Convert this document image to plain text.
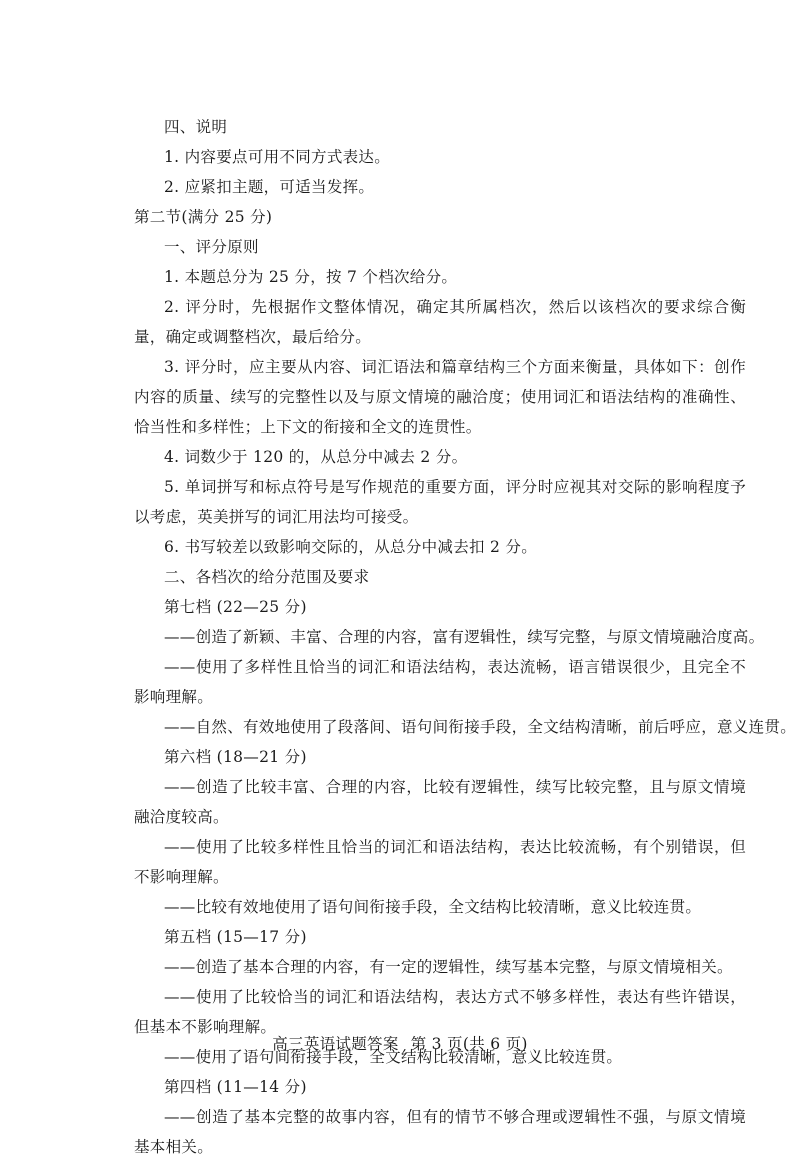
四、说明
1. 内容要点可用不同方式表达。
2. 应紧扣主题，可适当发挥。
第二节(满分 25 分)
一、评分原则
1. 本题总分为 25 分，按 7 个档次给分。
2. 评分时，先根据作文整体情况，确定其所属档次，然后以该档次的要求综合衡量，确定或调整档次，最后给分。
3. 评分时，应主要从内容、词汇语法和篇章结构三个方面来衡量，具体如下：创作内容的质量、续写的完整性以及与原文情境的融洽度；使用词汇和语法结构的准确性、恰当性和多样性；上下文的衔接和全文的连贯性。
4. 词数少于 120 的，从总分中减去 2 分。
5. 单词拼写和标点符号是写作规范的重要方面，评分时应视其对交际的影响程度予以考虑，英美拼写的词汇用法均可接受。
6. 书写较差以致影响交际的，从总分中减去扣 2 分。
二、各档次的给分范围及要求
第七档 (22—25 分)
——创造了新颖、丰富、合理的内容，富有逻辑性，续写完整，与原文情境融洽度高。
——使用了多样性且恰当的词汇和语法结构，表达流畅，语言错误很少，且完全不影响理解。
——自然、有效地使用了段落间、语句间衔接手段，全文结构清晰，前后呼应，意义连贯。
第六档 (18—21 分)
——创造了比较丰富、合理的内容，比较有逻辑性，续写比较完整，且与原文情境融洽度较高。
——使用了比较多样性且恰当的词汇和语法结构，表达比较流畅，有个别错误，但不影响理解。
——比较有效地使用了语句间衔接手段，全文结构比较清晰，意义比较连贯。
第五档 (15—17 分)
——创造了基本合理的内容，有一定的逻辑性，续写基本完整，与原文情境相关。
——使用了比较恰当的词汇和语法结构，表达方式不够多样性，表达有些许错误，但基本不影响理解。
——使用了语句间衔接手段，全文结构比较清晰，意义比较连贯。
第四档 (11—14 分)
——创造了基本完整的故事内容，但有的情节不够合理或逻辑性不强，与原文情境基本相关。
高三英语试题答案 第 3 页(共 6 页)
